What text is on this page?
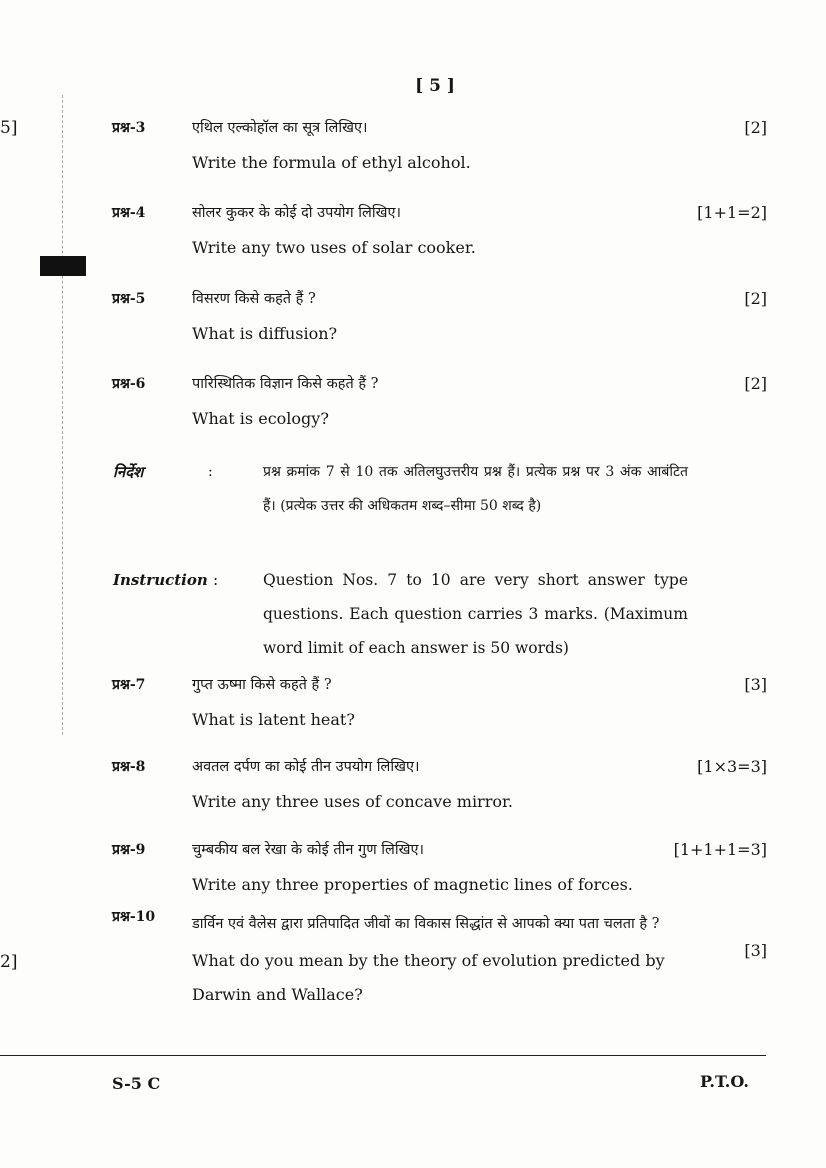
[ 5 ]
5]
2]
प्रश्न-3	एथिल एल्कोहॉल का सूत्र लिखिए।	[2]
Write the formula of ethyl alcohol.
प्रश्न-4	सोलर कुकर के कोई दो उपयोग लिखिए।	[1+1=2]
Write any two uses of solar cooker.
प्रश्न-5	विसरण किसे कहते हैं ?	[2]
What is diffusion?
प्रश्न-6	पारिस्थितिक विज्ञान किसे कहते हैं ?	[2]
What is ecology?
निर्देश	:	प्रश्न क्रमांक 7 से 10 तक अतिलघुउत्तरीय प्रश्न हैं। प्रत्येक प्रश्न पर 3 अंक आबंटित हैं। (प्रत्येक उत्तर की अधिकतम शब्द–सीमा 50 शब्द है)
Instruction :	Question Nos. 7 to 10 are very short answer type questions. Each question carries 3 marks. (Maximum word limit of each answer is 50 words)
प्रश्न-7	गुप्त ऊष्मा किसे कहते हैं ?	[3]
What is latent heat?
प्रश्न-8	अवतल दर्पण का कोई तीन उपयोग लिखिए।	[1×3=3]
Write any three uses of concave mirror.
प्रश्न-9	चुम्बकीय बल रेखा के कोई तीन गुण लिखिए।	[1+1+1=3]
Write any three properties of magnetic lines of forces.
प्रश्न-10	डार्विन एवं वैलेस द्वारा प्रतिपादित जीवों का विकास सिद्धांत से आपको क्या पता चलता है ?
[3]
What do you mean by the theory of evolution predicted by Darwin and Wallace?
S-5 C	P.T.O.
